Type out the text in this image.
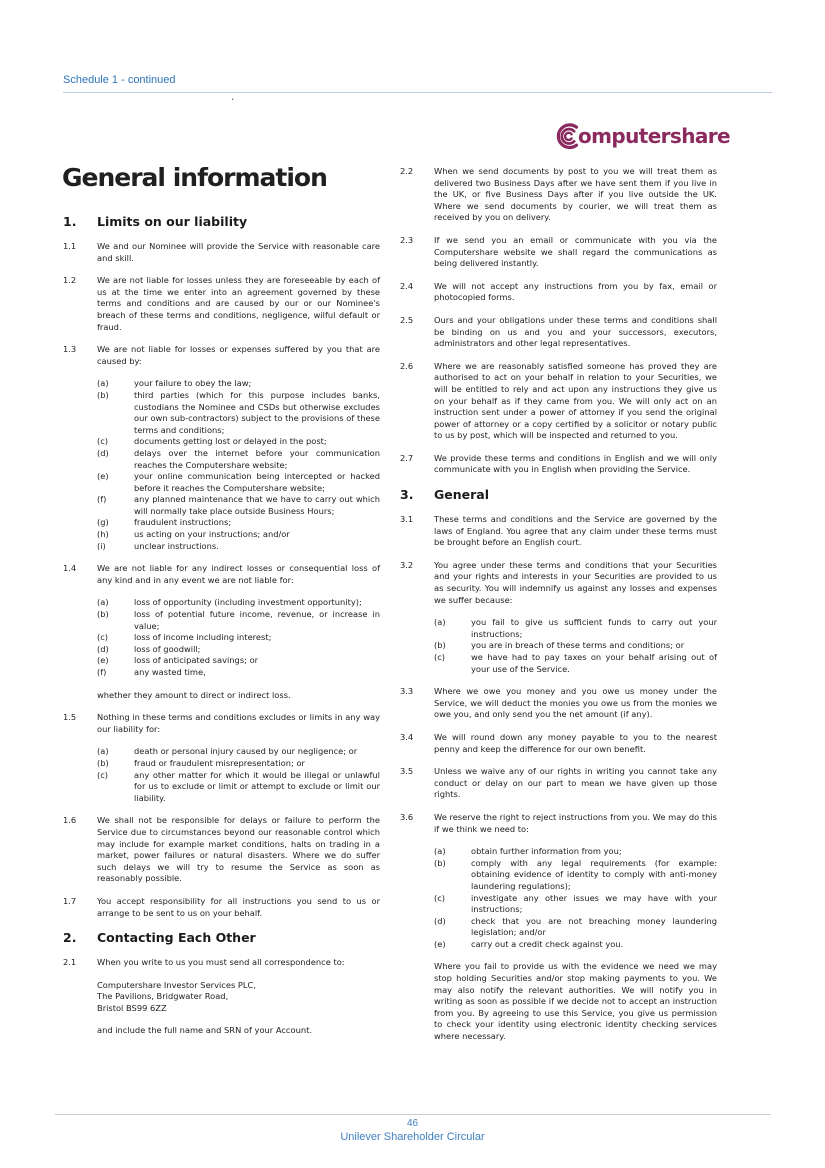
Schedule 1 - continued
.
omputershare
General information
1.	Limits on our liability
1.1	We and our Nominee will provide the Service with reasonable care and skill.
1.2	We are not liable for losses unless they are foreseeable by each of us at the time we enter into an agreement governed by these terms and conditions and are caused by our or our Nominee's breach of these terms and conditions, negligence, wilful default or fraud.
1.3	We are not liable for losses or expenses suffered by you that are caused by:
(a)	your failure to obey the law;
(b)	third parties (which for this purpose includes banks, custodians the Nominee and CSDs but otherwise excludes our own sub-contractors) subject to the provisions of these terms and conditions;
(c)	documents getting lost or delayed in the post;
(d)	delays over the internet before your communication reaches the Computershare website;
(e)	your online communication being intercepted or hacked before it reaches the Computershare website;
(f)	any planned maintenance that we have to carry out which will normally take place outside Business Hours;
(g)	fraudulent instructions;
(h)	us acting on your instructions; and/or
(i)	unclear instructions.
1.4	We are not liable for any indirect losses or consequential loss of any kind and in any event we are not liable for:
(a)	loss of opportunity (including investment opportunity);
(b)	loss of potential future income, revenue, or increase in value;
(c)	loss of income including interest;
(d)	loss of goodwill;
(e)	loss of anticipated savings; or
(f)	any wasted time,
whether they amount to direct or indirect loss.
1.5	Nothing in these terms and conditions excludes or limits in any way our liability for:
(a)	death or personal injury caused by our negligence; or
(b)	fraud or fraudulent misrepresentation; or
(c)	any other matter for which it would be illegal or unlawful for us to exclude or limit or attempt to exclude or limit our liability.
1.6	We shall not be responsible for delays or failure to perform the Service due to circumstances beyond our reasonable control which may include for example market conditions, halts on trading in a market, power failures or natural disasters. Where we do suffer such delays we will try to resume the Service as soon as reasonably possible.
1.7	You accept responsibility for all instructions you send to us or arrange to be sent to us on your behalf.
2.	Contacting Each Other
2.1	When you write to us you must send all correspondence to:
Computershare Investor Services PLC,
The Pavilions, Bridgwater Road,
Bristol BS99 6ZZ
and include the full name and SRN of your Account.
2.2	When we send documents by post to you we will treat them as delivered two Business Days after we have sent them if you live in the UK, or five Business Days after if you live outside the UK. Where we send documents by courier, we will treat them as received by you on delivery.
2.3	If we send you an email or communicate with you via the Computershare website we shall regard the communications as being delivered instantly.
2.4	We will not accept any instructions from you by fax, email or photocopied forms.
2.5	Ours and your obligations under these terms and conditions shall be binding on us and you and your successors, executors, administrators and other legal representatives.
2.6	Where we are reasonably satisfied someone has proved they are authorised to act on your behalf in relation to your Securities, we will be entitled to rely and act upon any instructions they give us on your behalf as if they came from you. We will only act on an instruction sent under a power of attorney if you send the original power of attorney or a copy certified by a solicitor or notary public to us by post, which will be inspected and returned to you.
2.7	We provide these terms and conditions in English and we will only communicate with you in English when providing the Service.
3.	General
3.1	These terms and conditions and the Service are governed by the laws of England. You agree that any claim under these terms must be brought before an English court.
3.2	You agree under these terms and conditions that your Securities and your rights and interests in your Securities are provided to us as security. You will indemnify us against any losses and expenses we suffer because:
(a)	you fail to give us sufficient funds to carry out your instructions;
(b)	you are in breach of these terms and conditions; or
(c)	we have had to pay taxes on your behalf arising out of your use of the Service.
3.3	Where we owe you money and you owe us money under the Service, we will deduct the monies you owe us from the monies we owe you, and only send you the net amount (if any).
3.4	We will round down any money payable to you to the nearest penny and keep the difference for our own benefit.
3.5	Unless we waive any of our rights in writing you cannot take any conduct or delay on our part to mean we have given up those rights.
3.6	We reserve the right to reject instructions from you. We may do this if we think we need to:
(a)	obtain further information from you;
(b)	comply with any legal requirements (for example: obtaining evidence of identity to comply with anti-money laundering regulations);
(c)	investigate any other issues we may have with your instructions;
(d)	check that you are not breaching money laundering legislation; and/or
(e)	carry out a credit check against you.
Where you fail to provide us with the evidence we need we may stop holding Securities and/or stop making payments to you. We may also notify the relevant authorities. We will notify you in writing as soon as possible if we decide not to accept an instruction from you. By agreeing to use this Service, you give us permission to check your identity using electronic identity checking services where necessary.
46
Unilever Shareholder Circular
